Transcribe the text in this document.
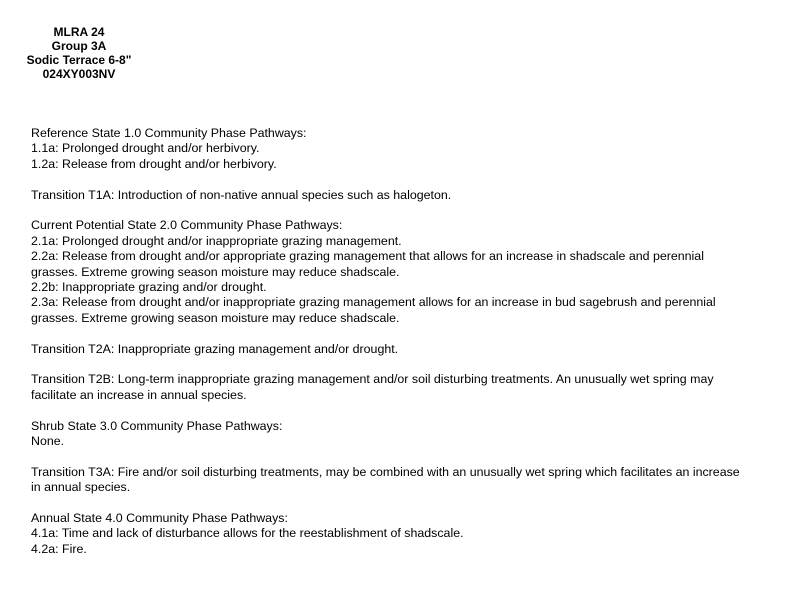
MLRA 24
Group 3A
Sodic Terrace 6-8"
024XY003NV
Reference State 1.0 Community Phase Pathways:
1.1a: Prolonged drought and/or herbivory.
1.2a: Release from drought and/or herbivory.
Transition T1A: Introduction of non-native annual species such as halogeton.
Current Potential State 2.0 Community Phase Pathways:
2.1a: Prolonged drought and/or inappropriate grazing management.
2.2a: Release from drought and/or appropriate grazing management that allows for an increase in shadscale and perennial grasses. Extreme growing season moisture may reduce shadscale.
2.2b: Inappropriate grazing and/or drought.
2.3a: Release from drought and/or inappropriate grazing management allows for an increase in bud sagebrush and perennial grasses. Extreme growing season moisture may reduce shadscale.
Transition T2A: Inappropriate grazing management and/or drought.
Transition T2B: Long-term inappropriate grazing management and/or soil disturbing treatments. An unusually wet spring may facilitate an increase in annual species.
Shrub State 3.0 Community Phase Pathways:
None.
Transition T3A: Fire and/or soil disturbing treatments, may be combined with an unusually wet spring which facilitates an increase in annual species.
Annual State 4.0 Community Phase Pathways:
4.1a: Time and lack of disturbance allows for the reestablishment of shadscale.
4.2a: Fire.
